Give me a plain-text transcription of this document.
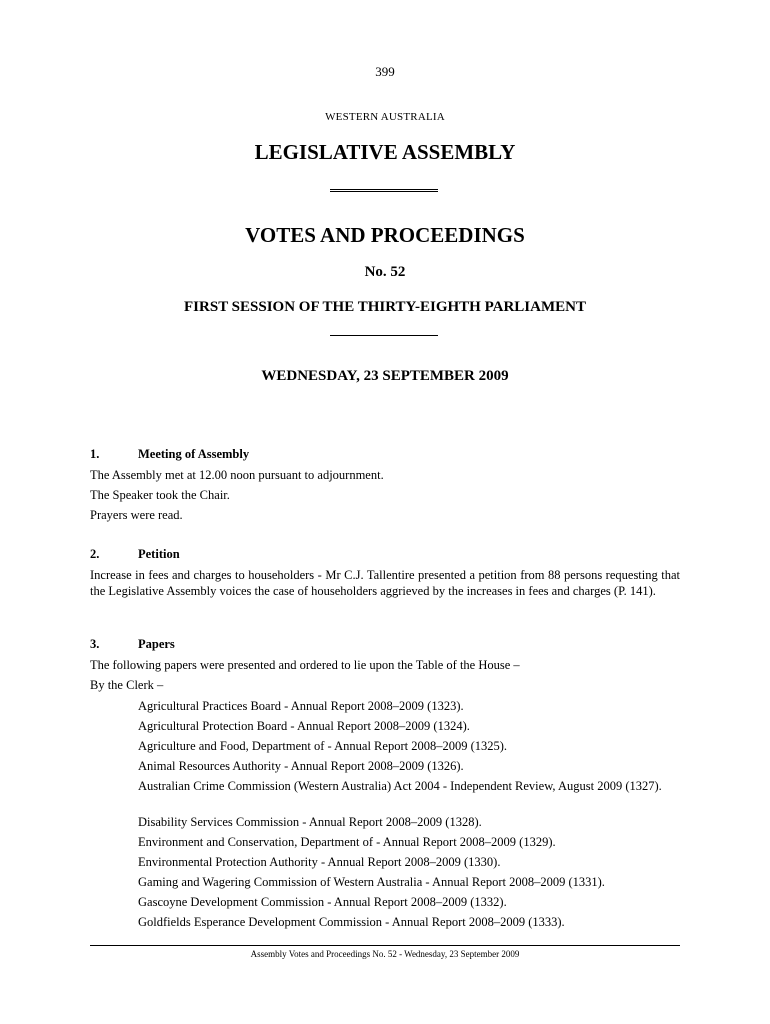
399
WESTERN AUSTRALIA
LEGISLATIVE ASSEMBLY
VOTES AND PROCEEDINGS
No. 52
FIRST SESSION OF THE THIRTY-EIGHTH PARLIAMENT
WEDNESDAY, 23 SEPTEMBER 2009
1.	Meeting of Assembly
The Assembly met at 12.00 noon pursuant to adjournment.
The Speaker took the Chair.
Prayers were read.
2.	Petition
Increase in fees and charges to householders - Mr C.J. Tallentire presented a petition from 88 persons requesting that the Legislative Assembly voices the case of householders aggrieved by the increases in fees and charges (P. 141).
3.	Papers
The following papers were presented and ordered to lie upon the Table of the House –
By the Clerk –
Agricultural Practices Board - Annual Report 2008–2009 (1323).
Agricultural Protection Board - Annual Report 2008–2009 (1324).
Agriculture and Food, Department of - Annual Report 2008–2009 (1325).
Animal Resources Authority - Annual Report 2008–2009 (1326).
Australian Crime Commission (Western Australia) Act 2004 - Independent Review, August 2009 (1327).
Disability Services Commission - Annual Report 2008–2009 (1328).
Environment and Conservation, Department of - Annual Report 2008–2009 (1329).
Environmental Protection Authority - Annual Report 2008–2009 (1330).
Gaming and Wagering Commission of Western Australia - Annual Report 2008–2009 (1331).
Gascoyne Development Commission - Annual Report 2008–2009 (1332).
Goldfields Esperance Development Commission - Annual Report 2008–2009 (1333).
Assembly Votes and Proceedings No. 52 - Wednesday, 23 September 2009
